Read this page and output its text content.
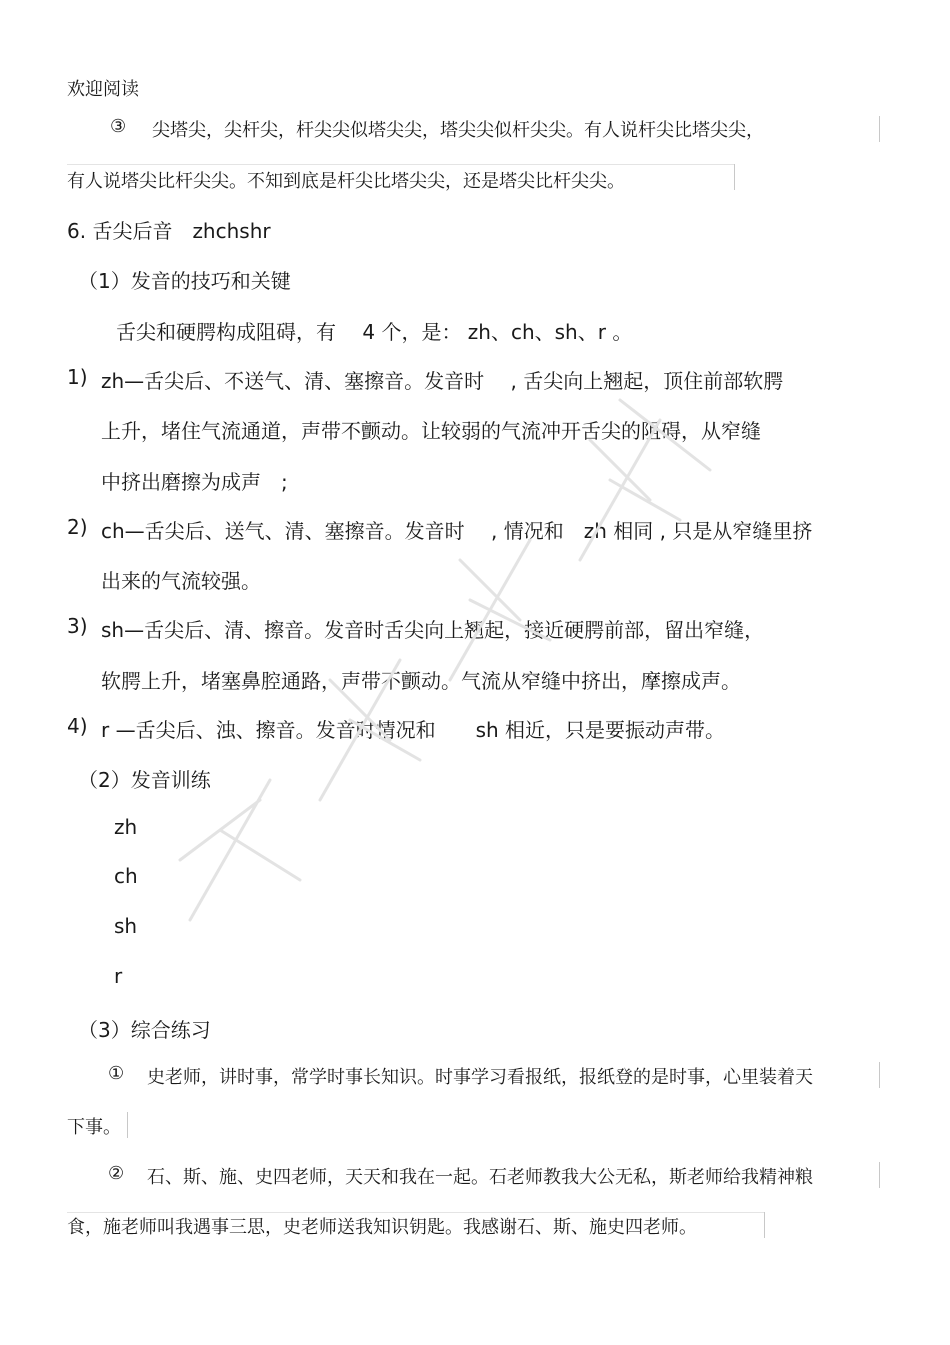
欢迎阅读
③ 尖塔尖，尖杆尖，杆尖尖似塔尖尖，塔尖尖似杆尖尖。有人说杆尖比塔尖尖，
有人说塔尖比杆尖尖。不知到底是杆尖比塔尖尖，还是塔尖比杆尖尖。
6. 舌尖后音　zhchshr
（1）发音的技巧和关键
舌尖和硬腭构成阻碍，有　 4 个，是： zh、ch、sh、r 。
1) zh—舌尖后、不送气、清、塞擦音。发音时　 , 舌尖向上翘起，顶住前部软腭
上升，堵住气流通道，声带不颤动。让较弱的气流冲开舌尖的阻碍，从窄缝
中挤出磨擦为成声　;
2) ch—舌尖后、送气、清、塞擦音。发音时　 , 情况和　zh 相同 , 只是从窄缝里挤
出来的气流较强。
3) sh—舌尖后、清、擦音。发音时舌尖向上翘起，接近硬腭前部，留出窄缝，
软腭上升，堵塞鼻腔通路，声带不颤动。气流从窄缝中挤出，摩擦成声。
4) r —舌尖后、浊、擦音。发音时情况和　　sh 相近，只是要振动声带。
（2）发音训练
zh
ch
sh
r
（3）综合练习
① 史老师，讲时事，常学时事长知识。时事学习看报纸，报纸登的是时事，心里装着天
下事。
② 石、斯、施、史四老师，天天和我在一起。石老师教我大公无私，斯老师给我精神粮
食，施老师叫我遇事三思，史老师送我知识钥匙。我感谢石、斯、施史四老师。
